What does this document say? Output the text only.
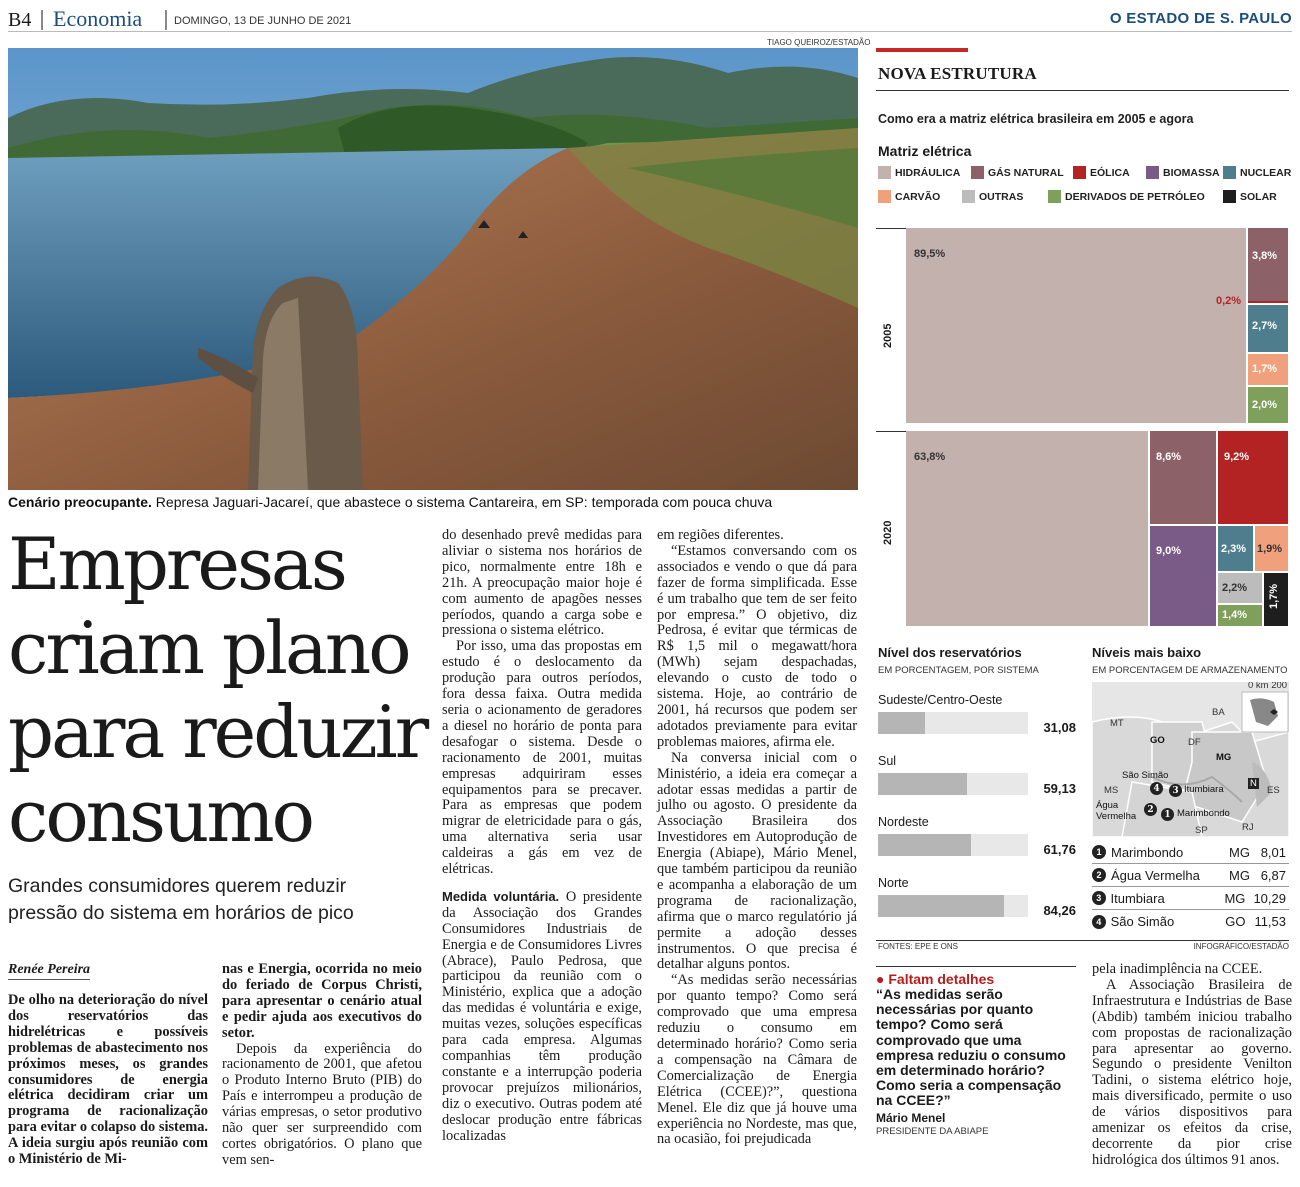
B4 Economia	DOMINGO, 13 DE JUNHO DE 2021	O ESTADO DE S. PAULO
TIAGO QUEIROZ/ESTADÃO
Cenário preocupante. Represa Jaguari-Jacareí, que abastece o sistema Cantareira, em SP: temporada com pouca chuva
Empresas
criam plano
para reduzir
consumo
Grandes consumidores querem reduzir pressão do sistema em horários de pico
Renée Pereira

De olho na deterioração do nível dos reservatórios das hidrelétricas e possíveis problemas de abastecimento nos próximos meses, os grandes consumidores de energia elétrica decidiram criar um programa de racionalização para evitar o colapso do sistema. A ideia surgiu após reunião com o Ministério de Mi-

nas e Energia, ocorrida no meio do feriado de Corpus Christi, para apresentar o cenário atual e pedir ajuda aos executivos do setor.

Depois da experiência do racionamento de 2001, que afetou o Produto Interno Bruto (PIB) do País e interrompeu a produção de várias empresas, o setor produtivo não quer ser surpreendido com cortes obrigatórios. O plano que vem sen-

do desenhado prevê medidas para aliviar o sistema nos horários de pico, normalmente entre 18h e 21h. A preocupação maior hoje é com aumento de apagões nesses períodos, quando a carga sobe e pressiona o sistema elétrico.

Por isso, uma das propostas em estudo é o deslocamento da produção para outros períodos, fora dessa faixa. Outra medida seria o acionamento de geradores a diesel no horário de ponta para desafogar o sistema. Desde o racionamento de 2001, muitas empresas adquiriram esses equipamentos para se precaver. Para as empresas que podem migrar de eletricidade para o gás, uma alternativa seria usar caldeiras a gás em vez de elétricas.

Medida voluntária. O presidente da Associação dos Grandes Consumidores Industriais de Energia e de Consumidores Livres (Abrace), Paulo Pedrosa, que participou da reunião com o Ministério, explica que a adoção das medidas é voluntária e exige, muitas vezes, soluções específicas para cada empresa. Algumas companhias têm produção constante e a interrupção poderia provocar prejuízos milionários, diz o executivo. Outras podem até deslocar produção entre fábricas localizadas

em regiões diferentes.

“Estamos conversando com os associados e vendo o que dá para fazer de forma simplificada. Esse é um trabalho que tem de ser feito por empresa.” O objetivo, diz Pedrosa, é evitar que térmicas de R$ 1,5 mil o megawatt/hora (MWh) sejam despachadas, elevando o custo de todo o sistema. Hoje, ao contrário de 2001, há recursos que podem ser adotados previamente para evitar problemas maiores, afirma ele.

Na conversa inicial com o Ministério, a ideia era começar a adotar essas medidas a partir de julho ou agosto. O presidente da Associação Brasileira dos Investidores em Autoprodução de Energia (Abiape), Mário Menel, que também participou da reunião e acompanha a elaboração de um programa de racionalização, afirma que o marco regulatório já permite a adoção desses instrumentos. O que precisa é detalhar alguns pontos.

“As medidas serão necessárias por quanto tempo? Como será comprovado que uma empresa reduziu o consumo em determinado horário? Como seria a compensação na Câmara de Comercialização de Energia Elétrica (CCEE)?”, questiona Menel. Ele diz que já houve uma experiência no Nordeste, mas que, na ocasião, foi prejudicada

● Faltam detalhes
“As medidas serão necessárias por quanto tempo? Como será comprovado que uma empresa reduziu o consumo em determinado horário? Como seria a compensação na CCEE?”
Mário Menel
PRESIDENTE DA ABIAPE

pela inadimplência na CCEE.

A Associação Brasileira de Infraestrutura e Indústrias de Base (Abdib) também iniciou trabalho com propostas de racionalização para apresentar ao governo. Segundo o presidente Venilton Tadini, o sistema elétrico hoje, mais diversificado, permite o uso de vários dispositivos para amenizar os efeitos da crise, decorrente da pior crise hidrológica dos últimos 91 anos.

NOVA ESTRUTURA
Como era a matriz elétrica brasileira em 2005 e agora
Matriz elétrica
HIDRÁULICA	GÁS NATURAL	EÓLICA	BIOMASSA NUCLEAR
CARVÃO	OUTRAS	DERIVADOS DE PETRÓLEO	SOLAR
2005
89,5%	3,8%
0,2%
2,7%
1,7%
2,0%
2020
63,8%	8,6%	9,2%
9,0%	2,3% 1,9%
2,2%
1,4%
1,7%
Nível dos reservatórios
EM PORCENTAGEM, POR SISTEMA
Sudeste/Centro-Oeste
31,08
Sul
59,13
Nordeste
61,76
Norte
84,26
FONTES: EPE E ONS	INFOGRÁFICO/ESTADÃO
Níveis mais baixo
EM PORCENTAGEM DE ARMAZENAMENTO
0 km 200
MT
BA
GO DF
MG
MS	ES
SP	RJ
N
São Simão
4	3 Itumbiara
Água
Vermelha
2	1 Marimbondo
1 Marimbondo	MG 8,01
2 Água Vermelha	MG 6,87
3 Itumbiara	MG 10,29
4 São Simão	GO 11,53
